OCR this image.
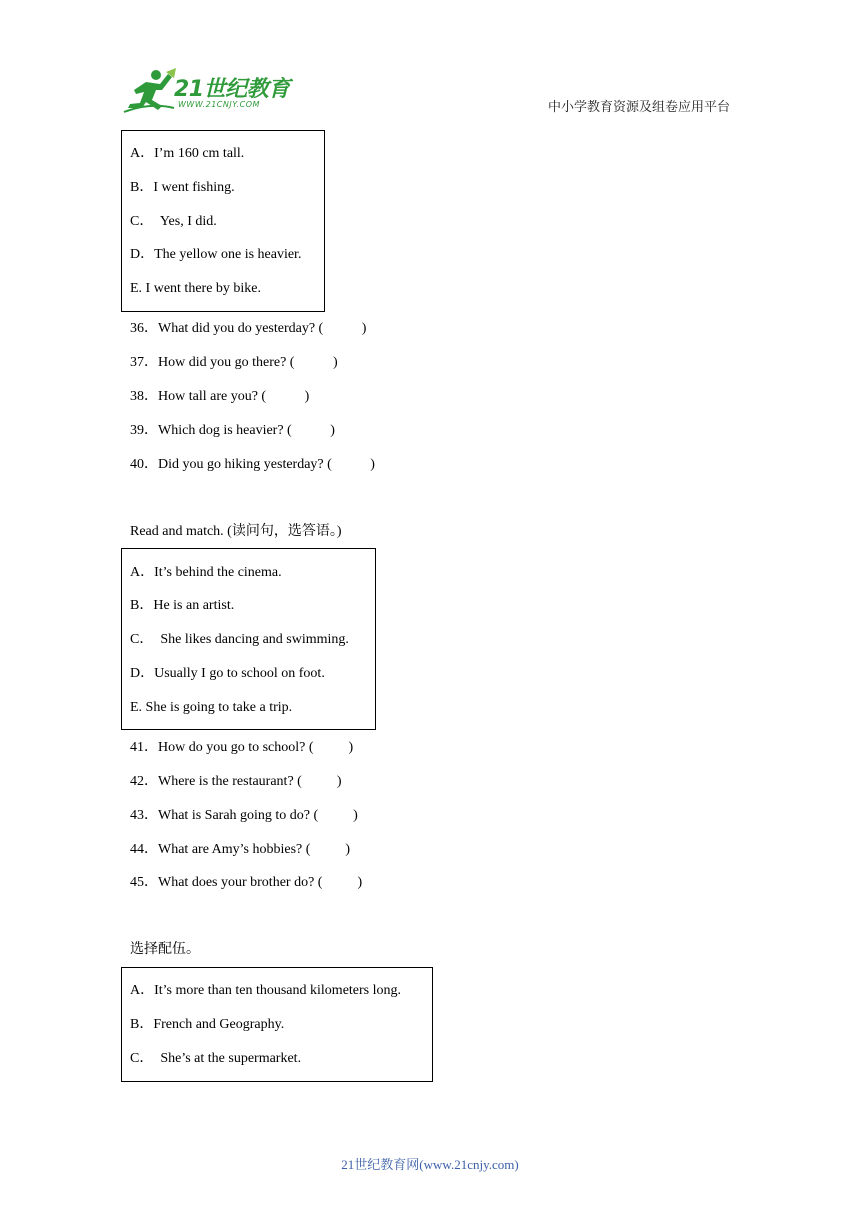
21世纪教育
WWW.21CNJY.COM	中小学教育资源及组卷应用平台
A．I’m 160 cm tall.
B．I went fishing.
C．  Yes, I did.
D．The yellow one is heavier.
E. I went there by bike.
36．What did you do yesterday? (           )
37．How did you go there? (           )
38．How tall are you? (           )
39．Which dog is heavier? (           )
40．Did you go hiking yesterday? (           )
Read and match. (读问句，选答语。)
A．It’s behind the cinema.
B．He is an artist.
C．  She likes dancing and swimming.
D．Usually I go to school on foot.
E. She is going to take a trip.
41．How do you go to school? (          )
42．Where is the restaurant? (          )
43．What is Sarah going to do? (          )
44．What are Amy’s hobbies? (          )
45．What does your brother do? (          )
选择配伍。
A．It’s more than ten thousand kilometers long.
B．French and Geography.
C．  She’s at the supermarket.
21世纪教育网(www.21cnjy.com)
